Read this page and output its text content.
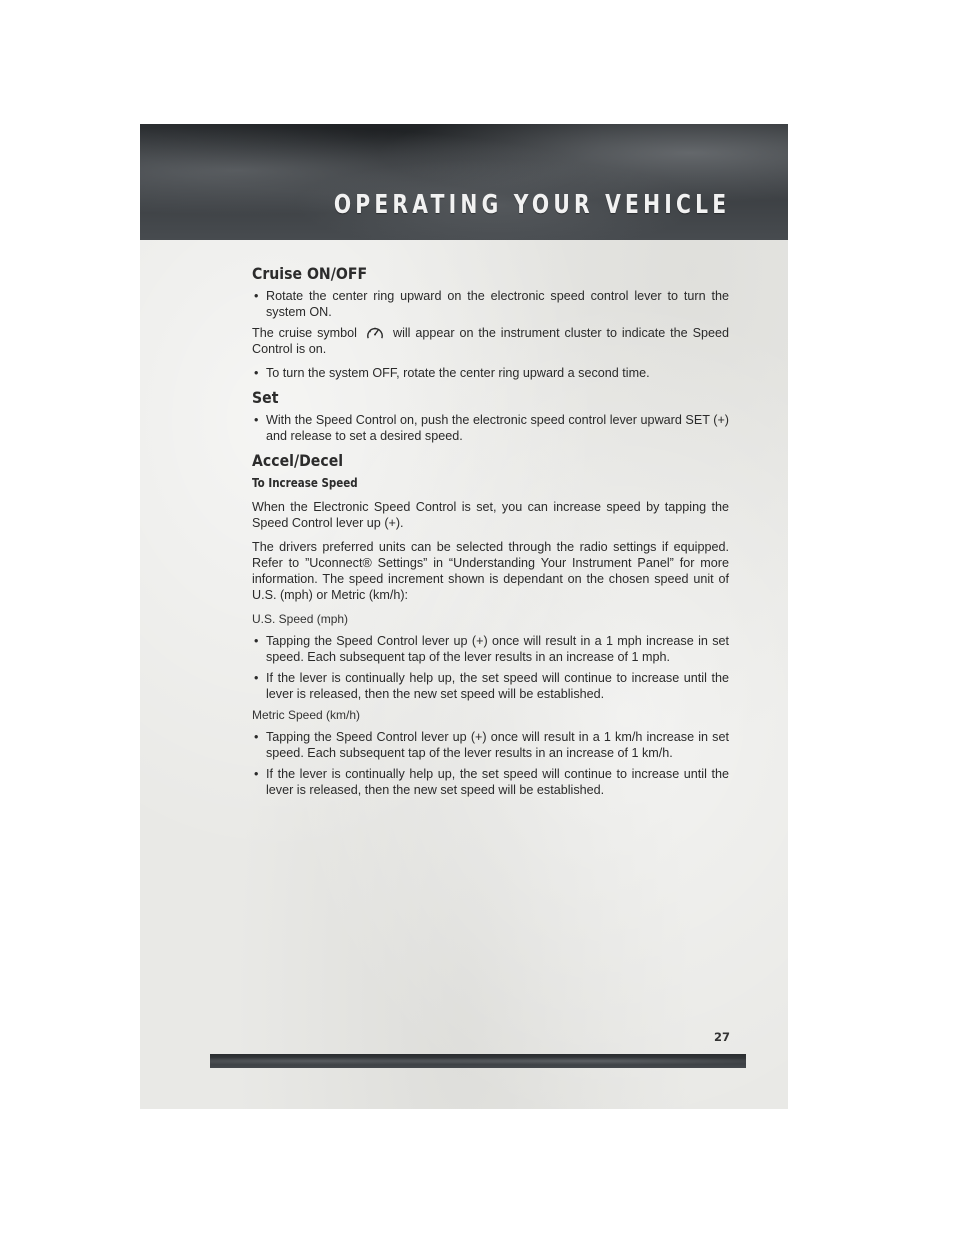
OPERATING YOUR VEHICLE
Cruise ON/OFF
• Rotate the center ring upward on the electronic speed control lever to turn the system ON.

The cruise symbol	will appear on the instrument cluster to indicate the Speed Control is on.

• To turn the system OFF, rotate the center ring upward a second time.
Set
• With the Speed Control on, push the electronic speed control lever upward SET (+) and release to set a desired speed.
Accel/Decel
To Increase Speed

When the Electronic Speed Control is set, you can increase speed by tapping the Speed Control lever up (+).

The drivers preferred units can be selected through the radio settings if equipped. Refer to ”Uconnect® Settings” in “Understanding Your Instrument Panel” for more information. The speed increment shown is dependant on the chosen speed unit of U.S. (mph) or Metric (km/h):

U.S. Speed (mph)
• Tapping the Speed Control lever up (+) once will result in a 1 mph increase in set speed. Each subsequent tap of the lever results in an increase of 1 mph.
• If the lever is continually help up, the set speed will continue to increase until the lever is released, then the new set speed will be established.
Metric Speed (km/h)
• Tapping the Speed Control lever up (+) once will result in a 1 km/h increase in set speed. Each subsequent tap of the lever results in an increase of 1 km/h.
• If the lever is continually help up, the set speed will continue to increase until the lever is released, then the new set speed will be established.
27
